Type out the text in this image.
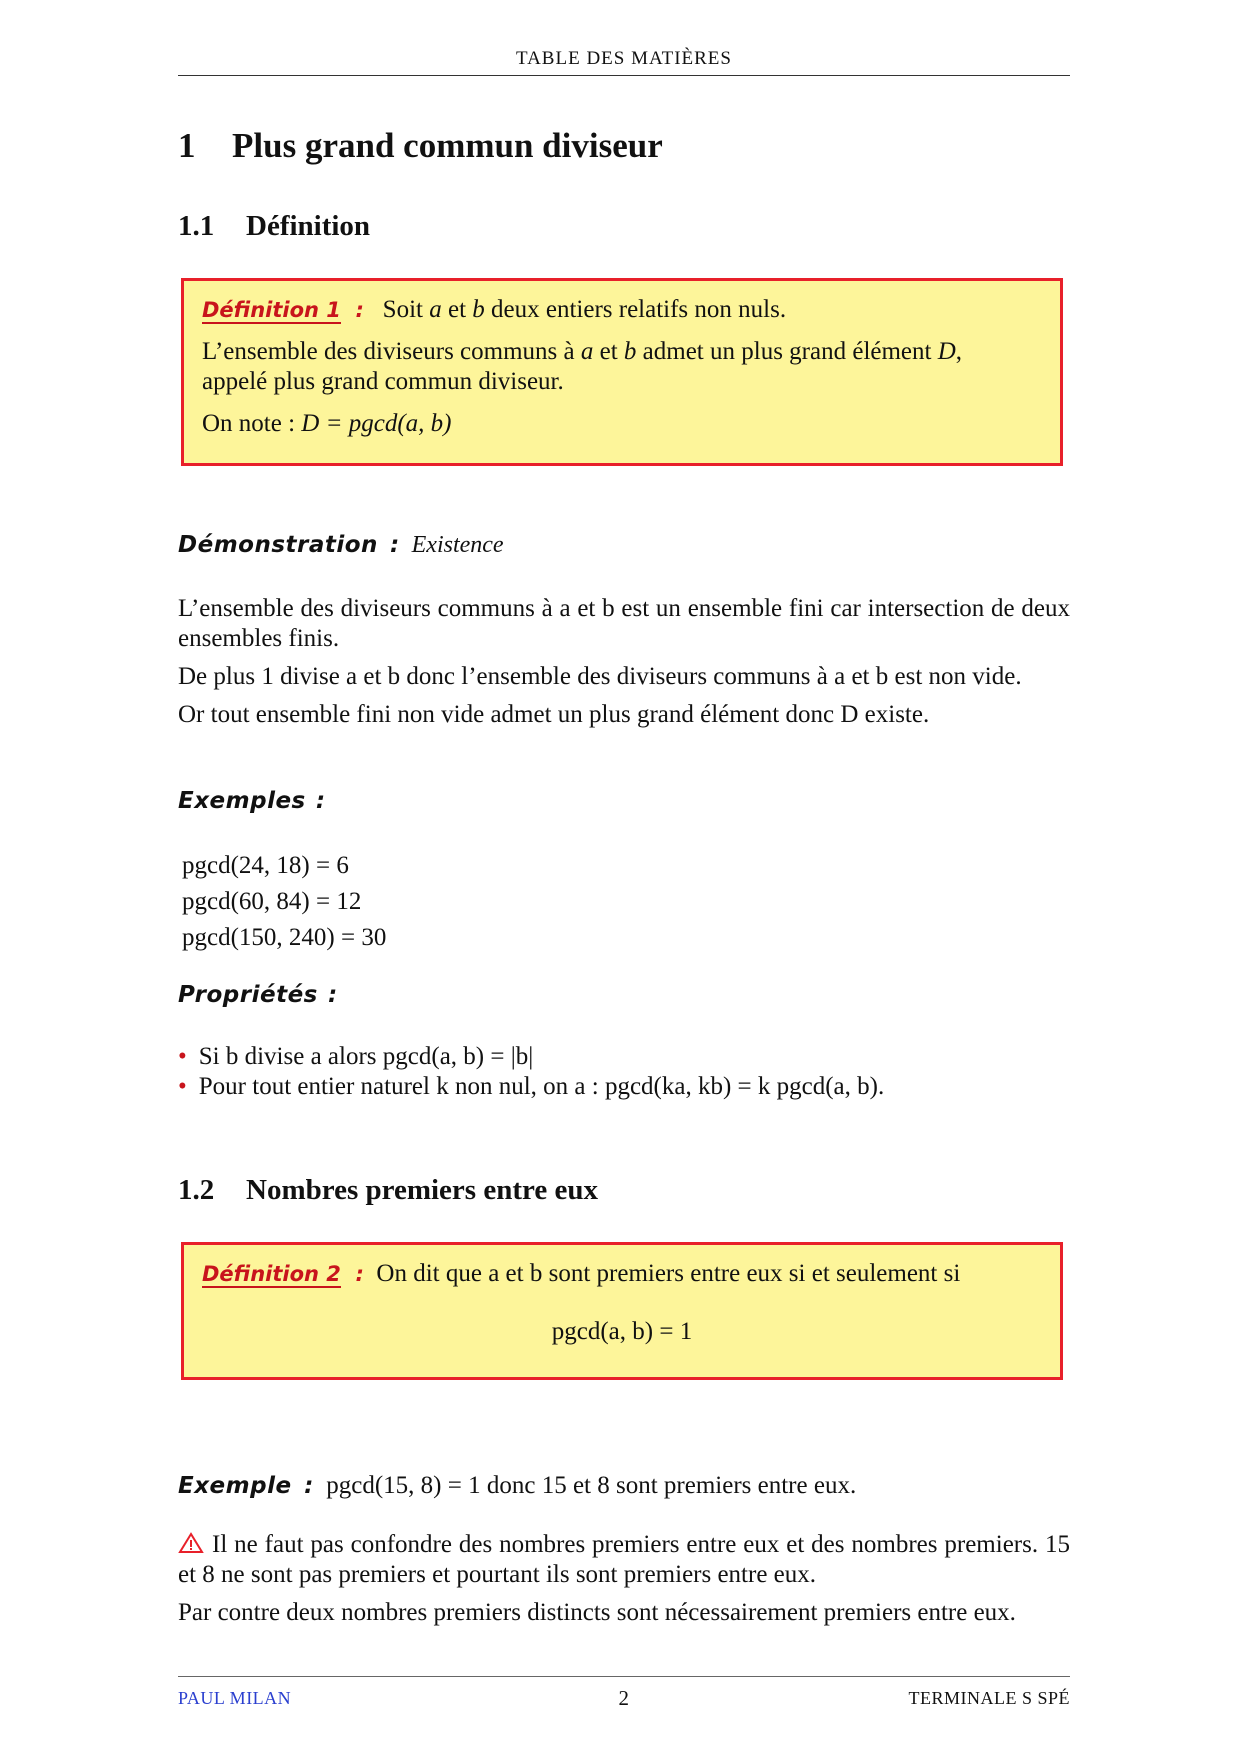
TABLE DES MATIÈRES
1 Plus grand commun diviseur
1.1 Définition

Définition 1 : Soit a et b deux entiers relatifs non nuls.

L’ensemble des diviseurs communs à a et b admet un plus grand élément D,
appelé plus grand commun diviseur.

On note : D = pgcd(a, b)

Démonstration : Existence

L’ensemble des diviseurs communs à a et b est un ensemble fini car intersection de deux ensembles finis.

De plus 1 divise a et b donc l’ensemble des diviseurs communs à a et b est non vide.

Or tout ensemble fini non vide admet un plus grand élément donc D existe.

Exemples :
pgcd(24, 18) = 6
pgcd(60, 84) = 12
pgcd(150, 240) = 30
Propriétés :
• Si b divise a alors pgcd(a, b) = |b|
• Pour tout entier naturel k non nul, on a : pgcd(ka, kb) = k pgcd(a, b).
1.2 Nombres premiers entre eux

Définition 2 : On dit que a et b sont premiers entre eux si et seulement si

pgcd(a, b) = 1

Exemple : pgcd(15, 8) = 1 donc 15 et 8 sont premiers entre eux.

Il ne faut pas confondre des nombres premiers entre eux et des nombres premiers. 15 et 8 ne sont pas premiers et pourtant ils sont premiers entre eux.

Par contre deux nombres premiers distincts sont nécessairement premiers entre eux.

PAUL MILAN	2	TERMINALE S SPÉ
